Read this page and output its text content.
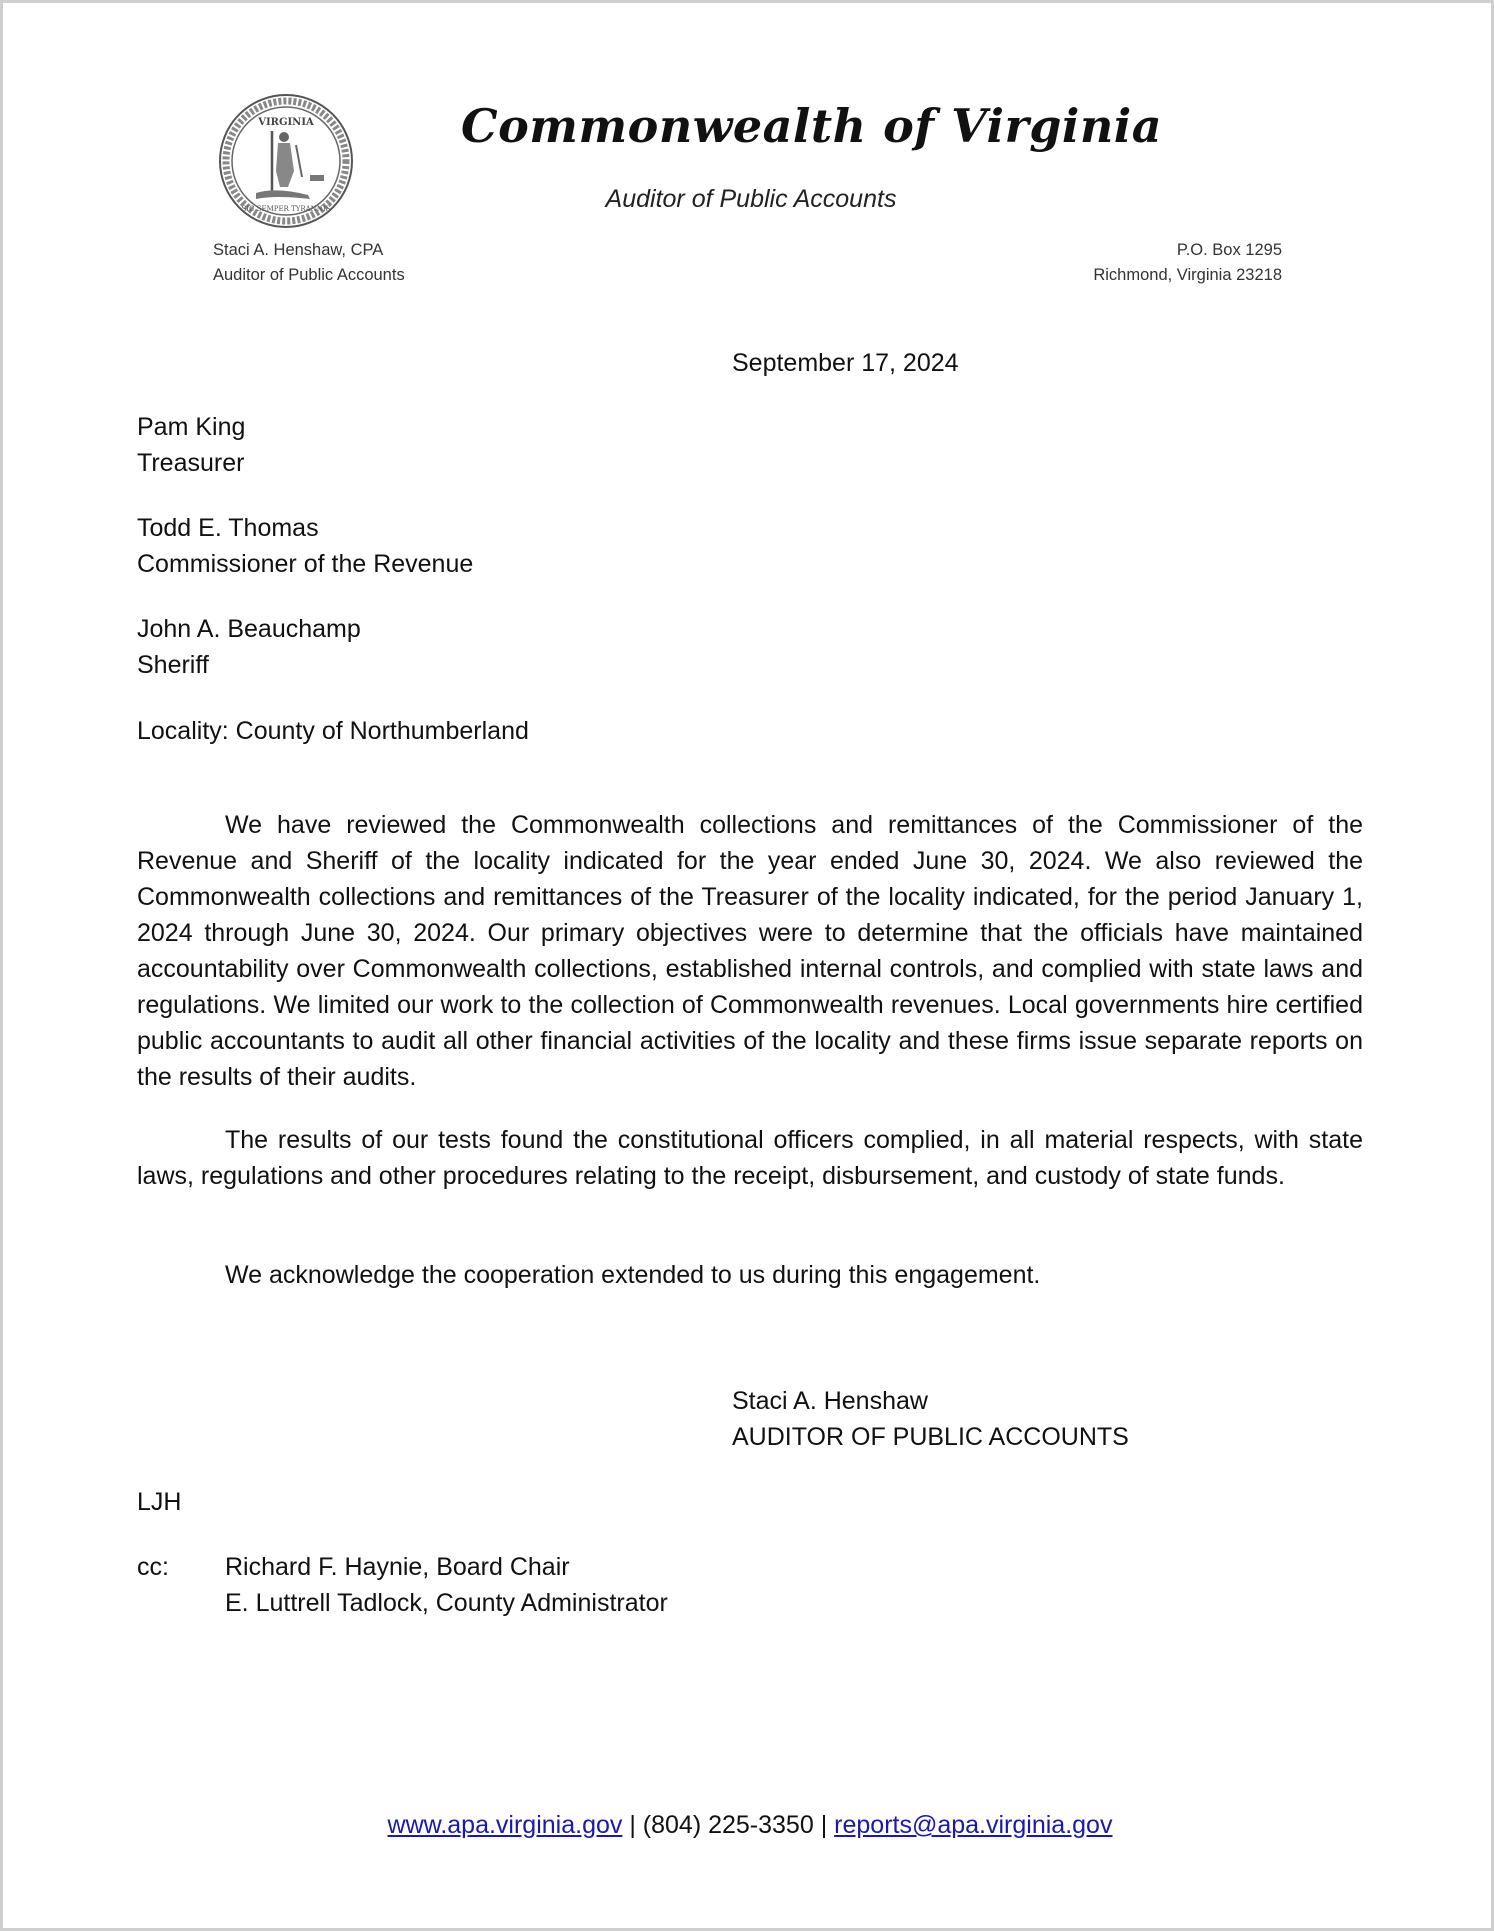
VIRGINIA
SIC SEMPER TYRANNIS
Commonwealth of Virginia
Auditor of Public Accounts
Staci A. Henshaw, CPA
Auditor of Public Accounts
P.O. Box 1295
Richmond, Virginia 23218
September 17, 2024
Pam King
Treasurer
Todd E. Thomas
Commissioner of the Revenue
John A. Beauchamp
Sheriff
Locality: County of Northumberland
We have reviewed the Commonwealth collections and remittances of the Commissioner of the Revenue and Sheriff of the locality indicated for the year ended June 30, 2024. We also reviewed the Commonwealth collections and remittances of the Treasurer of the locality indicated, for the period January 1, 2024 through June 30, 2024. Our primary objectives were to determine that the officials have maintained accountability over Commonwealth collections, established internal controls, and complied with state laws and regulations. We limited our work to the collection of Commonwealth revenues. Local governments hire certified public accountants to audit all other financial activities of the locality and these firms issue separate reports on the results of their audits.
The results of our tests found the constitutional officers complied, in all material respects, with state laws, regulations and other procedures relating to the receipt, disbursement, and custody of state funds.
We acknowledge the cooperation extended to us during this engagement.
Staci A. Henshaw
AUDITOR OF PUBLIC ACCOUNTS
LJH
cc: Richard F. Haynie, Board Chair
E. Luttrell Tadlock, County Administrator
www.apa.virginia.gov | (804) 225-3350 | reports@apa.virginia.gov
